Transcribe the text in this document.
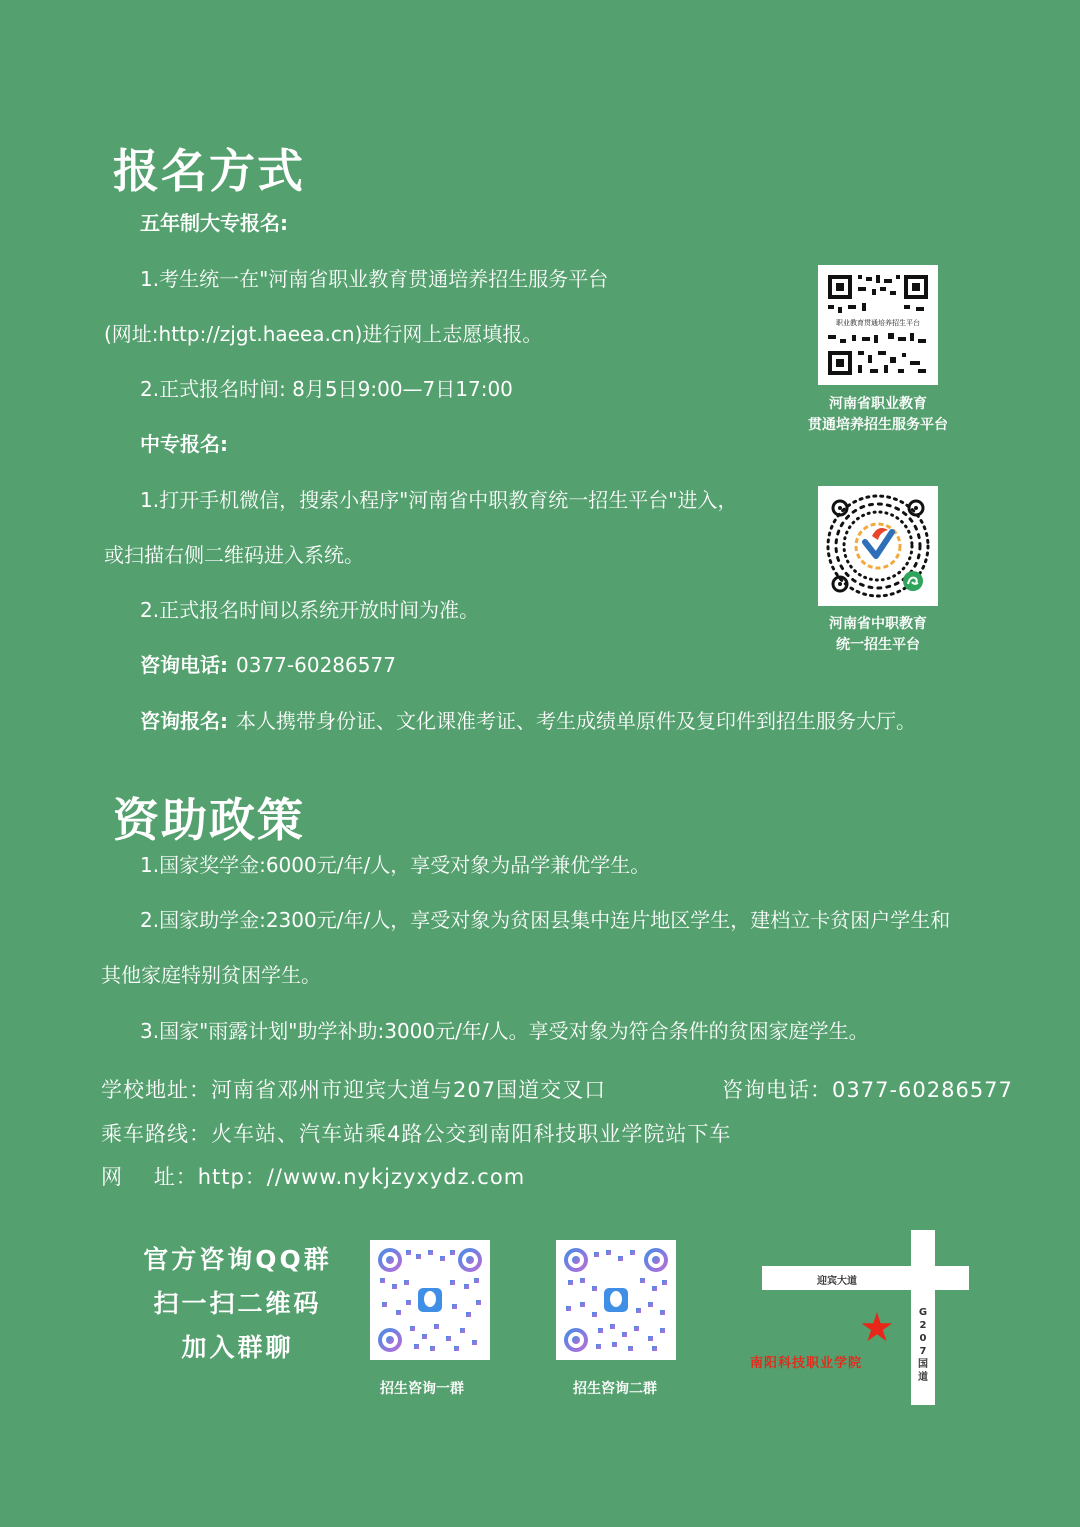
报名方式
五年制大专报名:
1.考生统一在"河南省职业教育贯通培养招生服务平台
(网址:http://zjgt.haeea.cn)进行网上志愿填报。
2.正式报名时间: 8月5日9:00—7日17:00
中专报名:
1.打开手机微信，搜索小程序"河南省中职教育统一招生平台"进入，
或扫描右侧二维码进入系统。
2.正式报名时间以系统开放时间为准。
咨询电话: 0377-60286577
咨询报名: 本人携带身份证、文化课准考证、考生成绩单原件及复印件到招生服务大厅。
职业教育贯通培养招生平台
河南省职业教育
贯通培养招生服务平台
河南省中职教育
统一招生平台
资助政策
1.国家奖学金:6000元/年/人，享受对象为品学兼优学生。
2.国家助学金:2300元/年/人，享受对象为贫困县集中连片地区学生，建档立卡贫困户学生和
其他家庭特别贫困学生。
3.国家"雨露计划"助学补助:3000元/年/人。享受对象为符合条件的贫困家庭学生。
学校地址：河南省邓州市迎宾大道与207国道交叉口	咨询电话：0377-60286577
乘车路线：火车站、汽车站乘4路公交到南阳科技职业学院站下车
网    址：http：//www.nykjzyxydz.com
官方咨询QQ群
扫一扫二维码
加入群聊
招生咨询一群	招生咨询二群
迎宾大道
G207国道
★
南阳科技职业学院
